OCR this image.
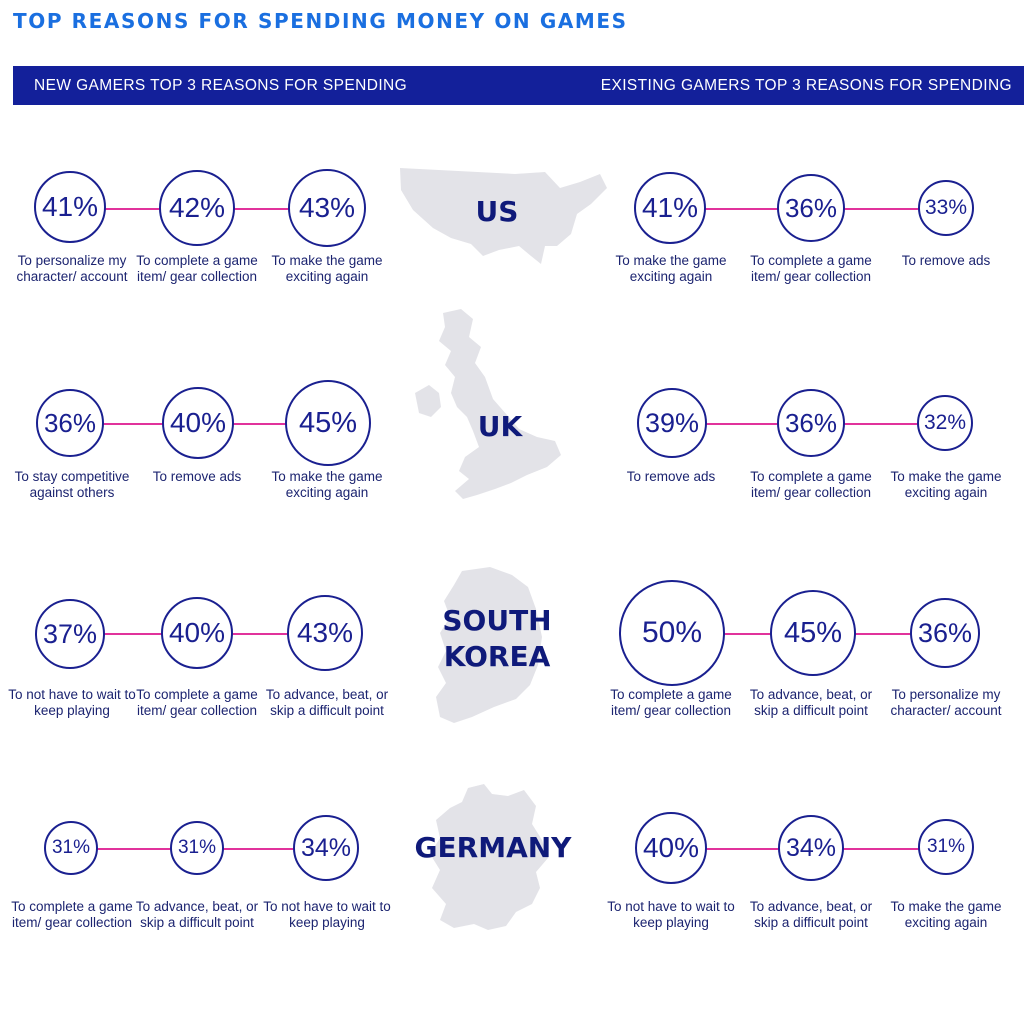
TOP REASONS FOR SPENDING MONEY ON GAMES
NEW GAMERS TOP 3 REASONS FOR SPENDING	EXISTING GAMERS TOP 3 REASONS FOR SPENDING
US
41%
To personalize my character/ account
42%
To complete a game item/ gear collection
43%
To make the game exciting again
41%
To make the game exciting again
36%
To complete a game item/ gear collection
33%
To remove ads
UK
36%
To stay competitive against others
40%
To remove ads
45%
To make the game exciting again
39%
To remove ads
36%
To complete a game item/ gear collection
32%
To make the game exciting again
SOUTH
KOREA
37%
To not have to wait to keep playing
40%
To complete a game item/ gear collection
43%
To advance, beat, or skip a difficult point
50%
To complete a game item/ gear collection
45%
To advance, beat, or skip a difficult point
36%
To personalize my character/ account
GERMANY
31%
To complete a game item/ gear collection
31%
To advance, beat, or skip a difficult point
34%
To not have to wait to keep playing
40%
To not have to wait to keep playing
34%
To advance, beat, or skip a difficult point
31%
To make the game exciting again
